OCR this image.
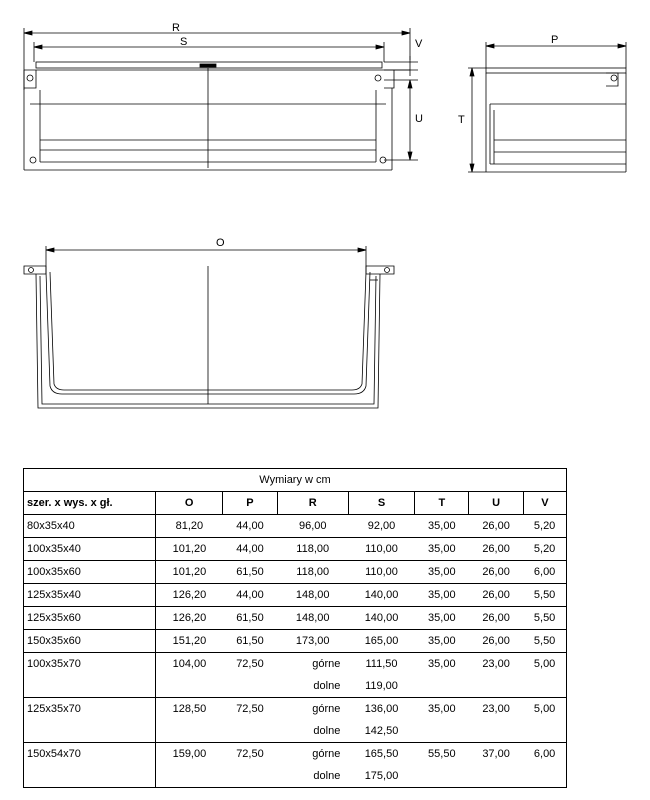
R
S	V
U
P
T
O
Wymiary w cm							
szer. x wys. x gł.	O	P	R	S	T	U	V
80x35x40	81,20	44,00	96,00	92,00	35,00	26,00	5,20
100x35x40	101,20	44,00	118,00	110,00	35,00	26,00	5,20
100x35x60	101,20	61,50	118,00	110,00	35,00	26,00	6,00
125x35x40	126,20	44,00	148,00	140,00	35,00	26,00	5,50
125x35x60	126,20	61,50	148,00	140,00	35,00	26,00	5,50
150x35x60	151,20	61,50	173,00	165,00	35,00	26,00	5,50
100x35x70	104,00	72,50	górne	111,50	35,00	23,00	5,00
			dolne	119,00			
125x35x70	128,50	72,50	górne	136,00	35,00	23,00	5,00
			dolne	142,50			
150x54x70	159,00	72,50	górne	165,50	55,50	37,00	6,00
			dolne	175,00			
